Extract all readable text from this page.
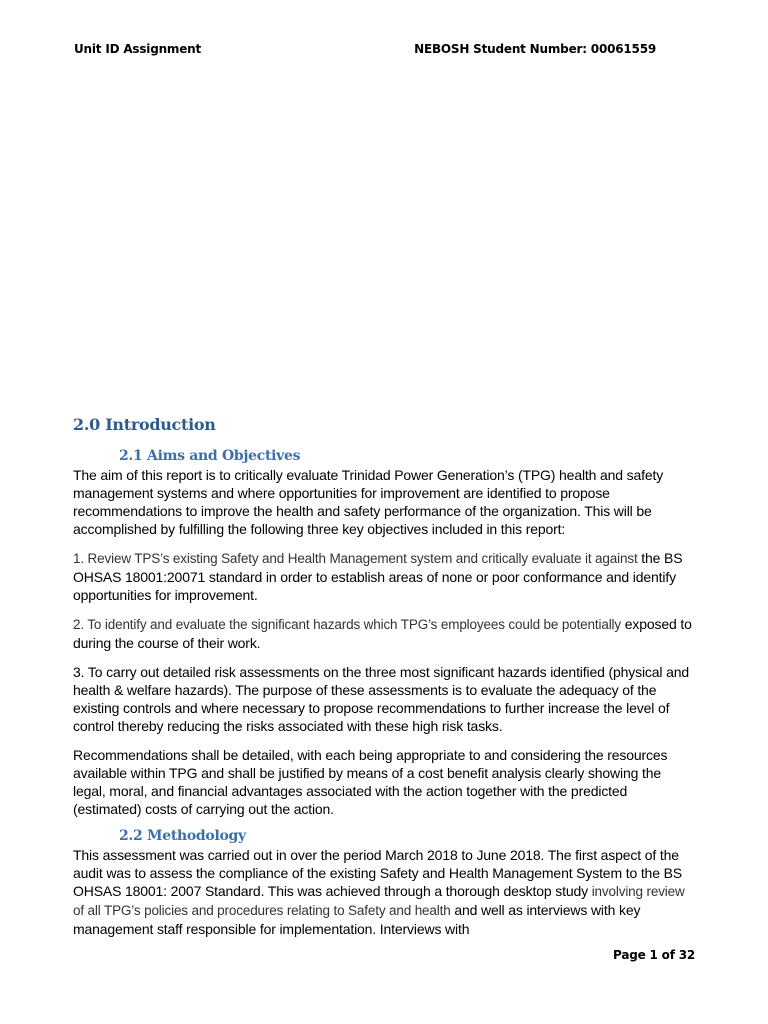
Unit ID Assignment	NEBOSH Student Number: 00061559
2.0 Introduction
2.1 Aims and Objectives

The aim of this report is to critically evaluate Trinidad Power Generation’s (TPG) health and safety management systems and where opportunities for improvement are identified to propose recommendations to improve the health and safety performance of the organization. This will be accomplished by fulfilling the following three key objectives included in this report:

1. Review TPS’s existing Safety and Health Management system and critically evaluate it against the BS OHSAS 18001:20071 standard in order to establish areas of none or poor conformance and identify opportunities for improvement.

2. To identify and evaluate the significant hazards which TPG’s employees could be potentially exposed to during the course of their work.

3. To carry out detailed risk assessments on the three most significant hazards identified (physical and health & welfare hazards). The purpose of these assessments is to evaluate the adequacy of the existing controls and where necessary to propose recommendations to further increase the level of control thereby reducing the risks associated with these high risk tasks.

Recommendations shall be detailed, with each being appropriate to and considering the resources available within TPG and shall be justified by means of a cost benefit analysis clearly showing the legal, moral, and financial advantages associated with the action together with the predicted (estimated) costs of carrying out the action.

2.2 Methodology

This assessment was carried out in over the period March 2018 to June 2018. The first aspect of the audit was to assess the compliance of the existing Safety and Health Management System to the BS OHSAS 18001: 2007 Standard. This was achieved through a thorough desktop study involving review of all TPG’s policies and procedures relating to Safety and health and well as interviews with key management staff responsible for implementation. Interviews with

Page 1 of 32
